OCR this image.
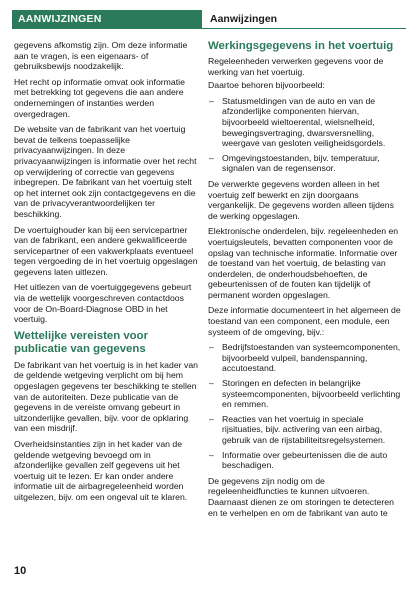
AANWIJZINGEN	Aanwijzingen

gegevens afkomstig zijn. Om deze informatie aan te vragen, is een eigenaars- of gebruiksbewijs noodzakelijk.

Het recht op informatie omvat ook informatie met betrekking tot gegevens die aan andere ondernemingen of instanties werden overgedragen.

De website van de fabrikant van het voertuig bevat de telkens toepasselijke privacyaanwijzingen. In deze privacyaanwijzingen is informatie over het recht op verwijdering of correctie van gegevens inbegrepen. De fabrikant van het voertuig stelt op het internet ook zijn contactgegevens en die van de privacyverantwoordelijken ter beschikking.

De voertuighouder kan bij een servicepartner van de fabrikant, een andere gekwalificeerde servicepartner of een vakwerkplaats eventueel tegen vergoeding de in het voertuig opgeslagen gegevens laten uitlezen.

Het uitlezen van de voertuiggegevens gebeurt via de wettelijk voorgeschreven contactdoos voor de On-Board-Diagnose OBD in het voertuig.

Wettelijke vereisten voor publicatie van gegevens

De fabrikant van het voertuig is in het kader van de geldende wetgeving verplicht om bij hem opgeslagen gegevens ter beschikking te stellen van de autoriteiten. Deze publicatie van de gegevens in de vereiste omvang gebeurt in uitzonderlijke gevallen, bijv. voor de opklaring van een misdrijf.

Overheidsinstanties zijn in het kader van de geldende wetgeving bevoegd om in afzonderlijke gevallen zelf gegevens uit het voertuig uit te lezen. Er kan onder andere informatie uit de airbagregeleenheid worden uitgelezen, bijv. om een ongeval uit te klaren.

Werkingsgegevens in het voertuig

Regeleenheden verwerken gegevens voor de werking van het voertuig.

Daartoe behoren bijvoorbeeld:

– Statusmeldingen van de auto en van de afzonderlijke componenten hiervan, bijvoorbeeld wieltoerental, wielsnelheid, bewegingsvertraging, dwarsversnelling, weergave van gesloten veiligheidsgordels.
– Omgevingstoestanden, bijv. temperatuur, signalen van de regensensor.

De verwerkte gegevens worden alleen in het voertuig zelf bewerkt en zijn doorgaans vergankelijk. De gegevens worden alleen tijdens de werking opgeslagen.

Elektronische onderdelen, bijv. regeleenheden en voertuigsleutels, bevatten componenten voor de opslag van technische informatie. Informatie over de toestand van het voertuig, de belasting van onderdelen, de onderhoudsbehoeften, de gebeurtenissen of de fouten kan tijdelijk of permanent worden opgeslagen.

Deze informatie documenteert in het algemeen de toestand van een component, een module, een systeem of de omgeving, bijv.:

– Bedrijfstoestanden van systeemcomponenten, bijvoorbeeld vulpeil, bandenspanning, accutoestand.
– Storingen en defecten in belangrijke systeemcomponenten, bijvoorbeeld verlichting en remmen.
– Reacties van het voertuig in speciale rijsituaties, bijv. activering van een airbag, gebruik van de rijstabiliteitsregelsystemen.
– Informatie over gebeurtenissen die de auto beschadigen.

De gegevens zijn nodig om de regeleenheidfuncties te kunnen uitvoeren. Daarnaast dienen ze om storingen te detecteren en te verhelpen en om de fabrikant van auto te

10
